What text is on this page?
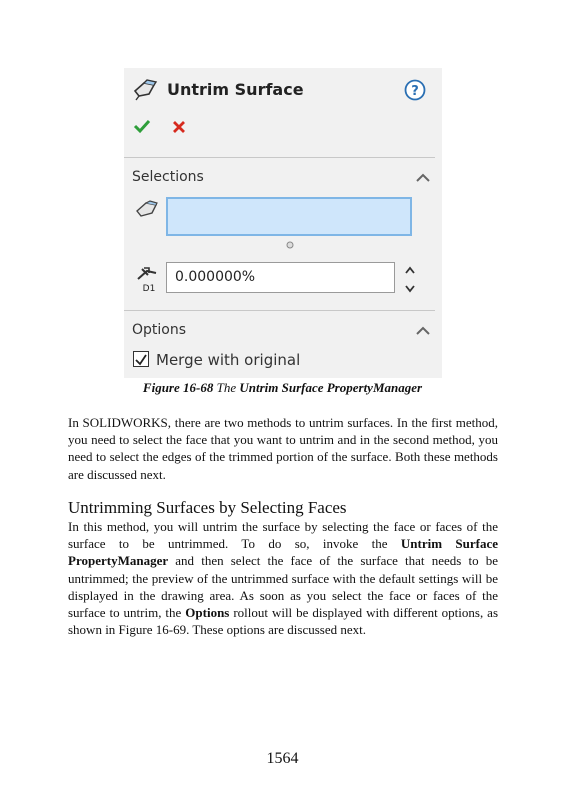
Untrim Surface	?
Selections
D1
0.000000%
Options
Merge with original
Figure 16-68 The Untrim Surface PropertyManager

In SOLIDWORKS, there are two methods to untrim surfaces. In the first method, you need to select the face that you want to untrim and in the second method, you need to select the edges of the trimmed portion of the surface. Both these methods are discussed next.

Untrimming Surfaces by Selecting Faces

In this method, you will untrim the surface by selecting the face or faces of the surface to be untrimmed. To do so, invoke the Untrim Surface PropertyManager and then select the face of the surface that needs to be untrimmed; the preview of the untrimmed surface with the default settings will be displayed in the drawing area. As soon as you select the face or faces of the surface to untrim, the Options rollout will be displayed with different options, as shown in Figure 16-69. These options are discussed next.

1564
